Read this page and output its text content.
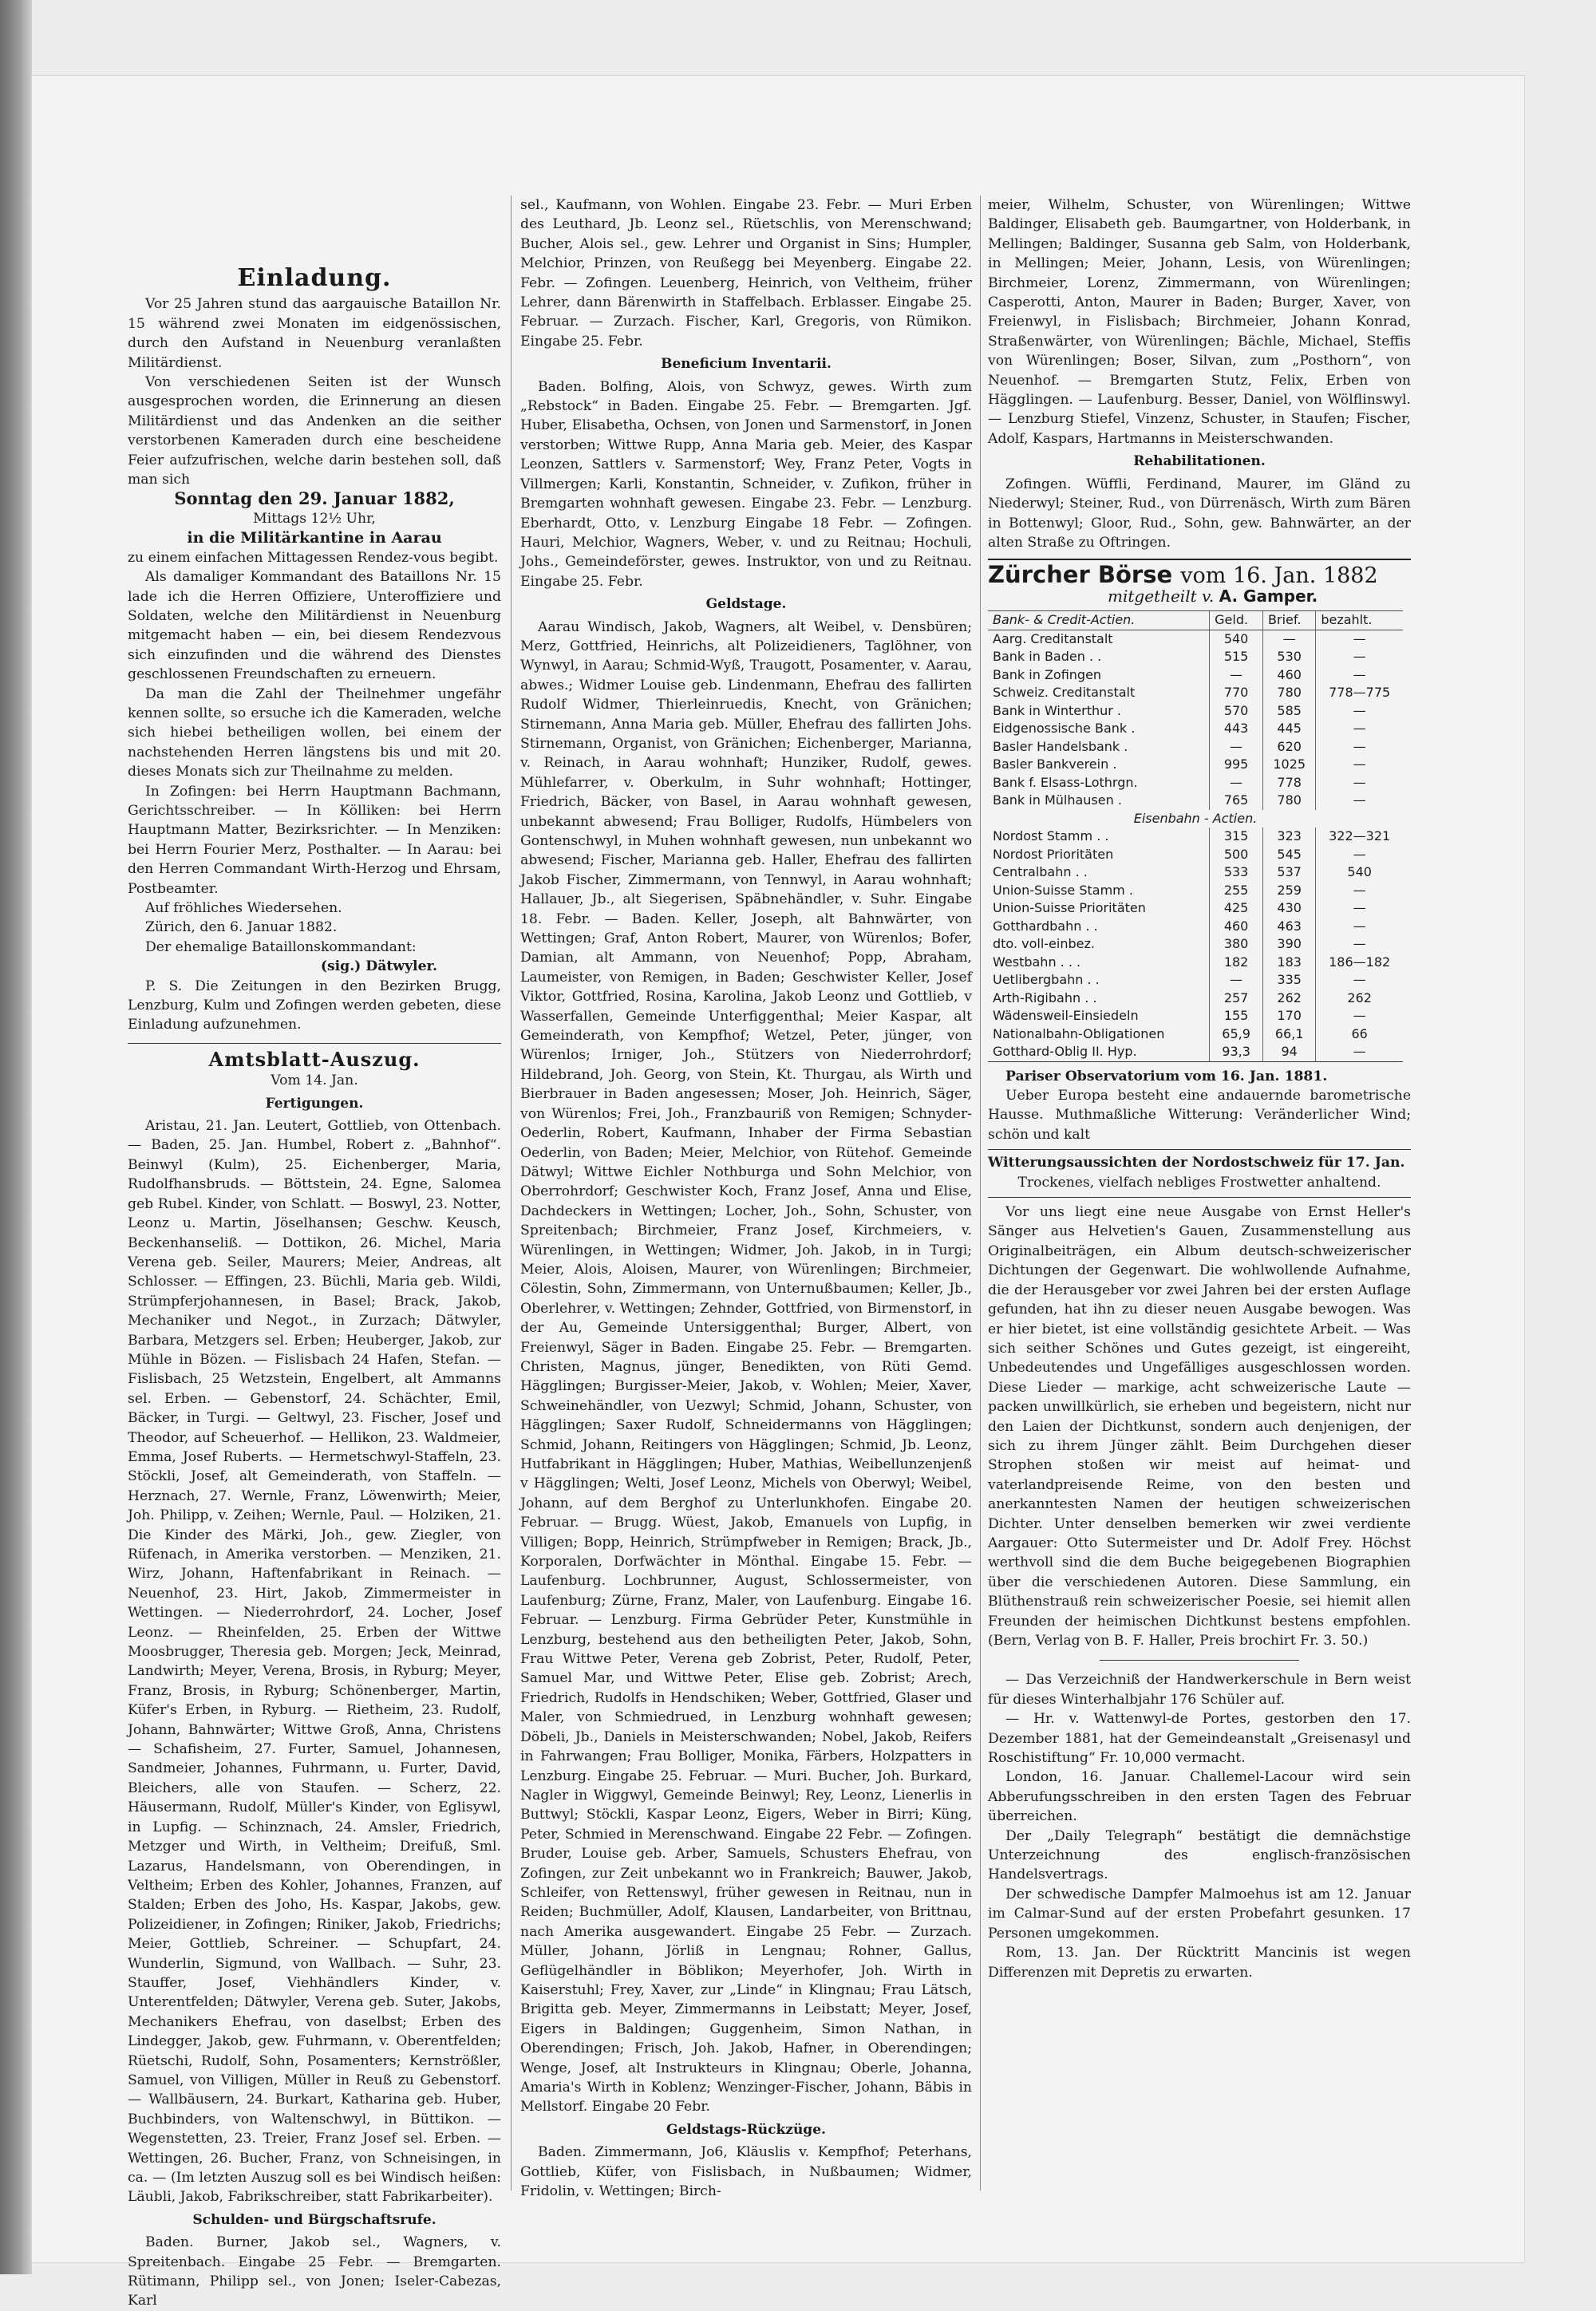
Einladung.

Vor 25 Jahren stund das aargauische Bataillon Nr. 15 während zwei Monaten im eidgenössischen, durch den Aufstand in Neuenburg veranlaßten Militärdienst.

Von verschiedenen Seiten ist der Wunsch ausgesprochen worden, die Erinnerung an diesen Militärdienst und das Andenken an die seither verstorbenen Kameraden durch eine bescheidene Feier aufzufrischen, welche darin bestehen soll, daß man sich

Sonntag den 29. Januar 1882,
Mittags 12½ Uhr,
in die Militärkantine in Aarau

zu einem einfachen Mittagessen Rendez-vous begibt.

Als damaliger Kommandant des Bataillons Nr. 15 lade ich die Herren Offiziere, Unteroffiziere und Soldaten, welche den Militärdienst in Neuenburg mitgemacht haben — ein, bei diesem Rendezvous sich einzufinden und die während des Dienstes geschlossenen Freundschaften zu erneuern.

Da man die Zahl der Theilnehmer ungefähr kennen sollte, so ersuche ich die Kameraden, welche sich hiebei betheiligen wollen, bei einem der nachstehenden Herren längstens bis und mit 20. dieses Monats sich zur Theilnahme zu melden.

In Zofingen: bei Herrn Hauptmann Bachmann, Gerichtsschreiber. — In Kölliken: bei Herrn Hauptmann Matter, Bezirksrichter. — In Menziken: bei Herrn Fourier Merz, Posthalter. — In Aarau: bei den Herren Commandant Wirth-Herzog und Ehrsam, Postbeamter.

Auf fröhliches Wiedersehen.

Zürich, den 6. Januar 1882.

Der ehemalige Bataillonskommandant:

(sig.) Dätwyler.

P. S. Die Zeitungen in den Bezirken Brugg, Lenzburg, Kulm und Zofingen werden gebeten, diese Einladung aufzunehmen.

Amtsblatt-Auszug.
Vom 14. Jan.
Fertigungen.

Aristau, 21. Jan. Leutert, Gottlieb, von Ottenbach. — Baden, 25. Jan. Humbel, Robert z. „Bahnhof“. Beinwyl (Kulm), 25. Eichenberger, Maria, Rudolfhansbruds. — Böttstein, 24. Egne, Salomea geb Rubel. Kinder, von Schlatt. — Boswyl, 23. Notter, Leonz u. Martin, Jöselhansen; Geschw. Keusch, Beckenhanseliß. — Dottikon, 26. Michel, Maria Verena geb. Seiler, Maurers; Meier, Andreas, alt Schlosser. — Effingen, 23. Büchli, Maria geb. Wildi, Strümpferjohannesen, in Basel; Brack, Jakob, Mechaniker und Negot., in Zurzach; Dätwyler, Barbara, Metzgers sel. Erben; Heuberger, Jakob, zur Mühle in Bözen. — Fislisbach 24 Hafen, Stefan. — Fislisbach, 25 Wetzstein, Engelbert, alt Ammanns sel. Erben. — Gebenstorf, 24. Schächter, Emil, Bäcker, in Turgi. — Geltwyl, 23. Fischer, Josef und Theodor, auf Scheuerhof. — Hellikon, 23. Waldmeier, Emma, Josef Ruberts. — Hermetschwyl-Staffeln, 23. Stöckli, Josef, alt Gemeinderath, von Staffeln. — Herznach, 27. Wernle, Franz, Löwenwirth; Meier, Joh. Philipp, v. Zeihen; Wernle, Paul. — Holziken, 21. Die Kinder des Märki, Joh., gew. Ziegler, von Rüfenach, in Amerika verstorben. — Menziken, 21. Wirz, Johann, Haftenfabrikant in Reinach. — Neuenhof, 23. Hirt, Jakob, Zimmermeister in Wettingen. — Niederrohrdorf, 24. Locher, Josef Leonz. — Rheinfelden, 25. Erben der Wittwe Moosbrugger, Theresia geb. Morgen; Jeck, Meinrad, Landwirth; Meyer, Verena, Brosis, in Ryburg; Meyer, Franz, Brosis, in Ryburg; Schönenberger, Martin, Küfer's Erben, in Ryburg. — Rietheim, 23. Rudolf, Johann, Bahnwärter; Wittwe Groß, Anna, Christens — Schafisheim, 27. Furter, Samuel, Johannesen, Sandmeier, Johannes, Fuhrmann, u. Furter, David, Bleichers, alle von Staufen. — Scherz, 22. Häusermann, Rudolf, Müller's Kinder, von Eglisywl, in Lupfig. — Schinznach, 24. Amsler, Friedrich, Metzger und Wirth, in Veltheim; Dreifuß, Sml. Lazarus, Handelsmann, von Oberendingen, in Veltheim; Erben des Kohler, Johannes, Franzen, auf Stalden; Erben des Joho, Hs. Kaspar, Jakobs, gew. Polizeidiener, in Zofingen; Riniker, Jakob, Friedrichs; Meier, Gottlieb, Schreiner. — Schupfart, 24. Wunderlin, Sigmund, von Wallbach. — Suhr, 23. Stauffer, Josef, Viehhändlers Kinder, v. Unterentfelden; Dätwyler, Verena geb. Suter, Jakobs, Mechanikers Ehefrau, von daselbst; Erben des Lindegger, Jakob, gew. Fuhrmann, v. Oberentfelden; Rüetschi, Rudolf, Sohn, Posamenters; Kernströßler, Samuel, von Villigen, Müller in Reuß zu Gebenstorf. — Wallbäusern, 24. Burkart, Katharina geb. Huber, Buchbinders, von Waltenschwyl, in Büttikon. — Wegenstetten, 23. Treier, Franz Josef sel. Erben. — Wettingen, 26. Bucher, Franz, von Schneisingen, in ca. — (Im letzten Auszug soll es bei Windisch heißen: Läubli, Jakob, Fabrikschreiber, statt Fabrikarbeiter).

Schulden- und Bürgschaftsrufe.

Baden. Burner, Jakob sel., Wagners, v. Spreitenbach. Eingabe 25 Febr. — Bremgarten. Rütimann, Philipp sel., von Jonen; Iseler-Cabezas, Karl

sel., Kaufmann, von Wohlen. Eingabe 23. Febr. — Muri Erben des Leuthard, Jb. Leonz sel., Rüetschlis, von Merenschwand; Bucher, Alois sel., gew. Lehrer und Organist in Sins; Humpler, Melchior, Prinzen, von Reußegg bei Meyenberg. Eingabe 22. Febr. — Zofingen. Leuenberg, Heinrich, von Veltheim, früher Lehrer, dann Bärenwirth in Staffelbach. Erblasser. Eingabe 25. Februar. — Zurzach. Fischer, Karl, Gregoris, von Rümikon. Eingabe 25. Febr.

Beneficium Inventarii.

Baden. Bolfing, Alois, von Schwyz, gewes. Wirth zum „Rebstock“ in Baden. Eingabe 25. Febr. — Bremgarten. Jgf. Huber, Elisabetha, Ochsen, von Jonen und Sarmenstorf, in Jonen verstorben; Wittwe Rupp, Anna Maria geb. Meier, des Kaspar Leonzen, Sattlers v. Sarmenstorf; Wey, Franz Peter, Vogts in Villmergen; Karli, Konstantin, Schneider, v. Zufikon, früher in Bremgarten wohnhaft gewesen. Eingabe 23. Febr. — Lenzburg. Eberhardt, Otto, v. Lenzburg Eingabe 18 Febr. — Zofingen. Hauri, Melchior, Wagners, Weber, v. und zu Reitnau; Hochuli, Johs., Gemeindeförster, gewes. Instruktor, von und zu Reitnau. Eingabe 25. Febr.

Geldstage.

Aarau Windisch, Jakob, Wagners, alt Weibel, v. Densbüren; Merz, Gottfried, Heinrichs, alt Polizeidieners, Taglöhner, von Wynwyl, in Aarau; Schmid-Wyß, Traugott, Posamenter, v. Aarau, abwes.; Widmer Louise geb. Lindenmann, Ehefrau des fallirten Rudolf Widmer, Thierleinruedis, Knecht, von Gränichen; Stirnemann, Anna Maria geb. Müller, Ehefrau des fallirten Johs. Stirnemann, Organist, von Gränichen; Eichenberger, Marianna, v. Reinach, in Aarau wohnhaft; Hunziker, Rudolf, gewes. Mühlefarrer, v. Oberkulm, in Suhr wohnhaft; Hottinger, Friedrich, Bäcker, von Basel, in Aarau wohnhaft gewesen, unbekannt abwesend; Frau Bolliger, Rudolfs, Hümbelers von Gontenschwyl, in Muhen wohnhaft gewesen, nun unbekannt wo abwesend; Fischer, Marianna geb. Haller, Ehefrau des fallirten Jakob Fischer, Zimmermann, von Tennwyl, in Aarau wohnhaft; Hallauer, Jb., alt Siegerisen, Späbnehändler, v. Suhr. Eingabe 18. Febr. — Baden. Keller, Joseph, alt Bahnwärter, von Wettingen; Graf, Anton Robert, Maurer, von Würenlos; Bofer, Damian, alt Ammann, von Neuenhof; Popp, Abraham, Laumeister, von Remigen, in Baden; Geschwister Keller, Josef Viktor, Gottfried, Rosina, Karolina, Jakob Leonz und Gottlieb, v Wasserfallen, Gemeinde Unterfiggenthal; Meier Kaspar, alt Gemeinderath, von Kempfhof; Wetzel, Peter, jünger, von Würenlos; Irniger, Joh., Stützers von Niederrohrdorf; Hildebrand, Joh. Georg, von Stein, Kt. Thurgau, als Wirth und Bierbrauer in Baden angesessen; Moser, Joh. Heinrich, Säger, von Würenlos; Frei, Joh., Franzbauriß von Remigen; Schnyder-Oederlin, Robert, Kaufmann, Inhaber der Firma Sebastian Oederlin, von Baden; Meier, Melchior, von Rütehof. Gemeinde Dätwyl; Wittwe Eichler Nothburga und Sohn Melchior, von Oberrohrdorf; Geschwister Koch, Franz Josef, Anna und Elise, Dachdeckers in Wettingen; Locher, Joh., Sohn, Schuster, von Spreitenbach; Birchmeier, Franz Josef, Kirchmeiers, v. Würenlingen, in Wettingen; Widmer, Joh. Jakob, in in Turgi; Meier, Alois, Aloisen, Maurer, von Würenlingen; Birchmeier, Cölestin, Sohn, Zimmermann, von Unternußbaumen; Keller, Jb., Oberlehrer, v. Wettingen; Zehnder, Gottfried, von Birmenstorf, in der Au, Gemeinde Untersiggenthal; Burger, Albert, von Freienwyl, Säger in Baden. Eingabe 25. Febr. — Bremgarten. Christen, Magnus, jünger, Benedikten, von Rüti Gemd. Hägglingen; Burgisser-Meier, Jakob, v. Wohlen; Meier, Xaver, Schweinehändler, von Uezwyl; Schmid, Johann, Schuster, von Hägglingen; Saxer Rudolf, Schneidermanns von Hägglingen; Schmid, Johann, Reitingers von Hägglingen; Schmid, Jb. Leonz, Hutfabrikant in Hägglingen; Huber, Mathias, Weibellunzenjenß v Hägglingen; Welti, Josef Leonz, Michels von Oberwyl; Weibel, Johann, auf dem Berghof zu Unterlunkhofen. Eingabe 20. Februar. — Brugg. Wüest, Jakob, Emanuels von Lupfig, in Villigen; Bopp, Heinrich, Strümpfweber in Remigen; Brack, Jb., Korporalen, Dorfwächter in Mönthal. Eingabe 15. Febr. — Laufenburg. Lochbrunner, August, Schlossermeister, von Laufenburg; Zürne, Franz, Maler, von Laufenburg. Eingabe 16. Februar. — Lenzburg. Firma Gebrüder Peter, Kunstmühle in Lenzburg, bestehend aus den betheiligten Peter, Jakob, Sohn, Frau Wittwe Peter, Verena geb Zobrist, Peter, Rudolf, Peter, Samuel Mar, und Wittwe Peter, Elise geb. Zobrist; Arech, Friedrich, Rudolfs in Hendschiken; Weber, Gottfried, Glaser und Maler, von Schmiedrued, in Lenzburg wohnhaft gewesen; Döbeli, Jb., Daniels in Meisterschwanden; Nobel, Jakob, Reifers in Fahrwangen; Frau Bolliger, Monika, Färbers, Holzpatters in Lenzburg. Eingabe 25. Februar. — Muri. Bucher, Joh. Burkard, Nagler in Wiggwyl, Gemeinde Beinwyl; Rey, Leonz, Lienerlis in Buttwyl; Stöckli, Kaspar Leonz, Eigers, Weber in Birri; Küng, Peter, Schmied in Merenschwand. Eingabe 22 Febr. — Zofingen. Bruder, Louise geb. Arber, Samuels, Schusters Ehefrau, von Zofingen, zur Zeit unbekannt wo in Frankreich; Bauwer, Jakob, Schleifer, von Rettenswyl, früher gewesen in Reitnau, nun in Reiden; Buchmüller, Adolf, Klausen, Landarbeiter, von Brittnau, nach Amerika ausgewandert. Eingabe 25 Febr. — Zurzach. Müller, Johann, Jörliß in Lengnau; Rohner, Gallus, Geflügelhändler in Böblikon; Meyerhofer, Joh. Wirth in Kaiserstuhl; Frey, Xaver, zur „Linde“ in Klingnau; Frau Lätsch, Brigitta geb. Meyer, Zimmermanns in Leibstatt; Meyer, Josef, Eigers in Baldingen; Guggenheim, Simon Nathan, in Oberendingen; Frisch, Joh. Jakob, Hafner, in Oberendingen; Wenge, Josef, alt Instrukteurs in Klingnau; Oberle, Johanna, Amaria's Wirth in Koblenz; Wenzinger-Fischer, Johann, Bäbis in Mellstorf. Eingabe 20 Febr.

Geldstags-Rückzüge.

Baden. Zimmermann, Jo6, Kläuslis v. Kempfhof; Peterhans, Gottlieb, Küfer, von Fislisbach, in Nußbaumen; Widmer, Fridolin, v. Wettingen; Birch-

meier, Wilhelm, Schuster, von Würenlingen; Wittwe Baldinger, Elisabeth geb. Baumgartner, von Holderbank, in Mellingen; Baldinger, Susanna geb Salm, von Holderbank, in Mellingen; Meier, Johann, Lesis, von Würenlingen; Birchmeier, Lorenz, Zimmermann, von Würenlingen; Casperotti, Anton, Maurer in Baden; Burger, Xaver, von Freienwyl, in Fislisbach; Birchmeier, Johann Konrad, Straßenwärter, von Würenlingen; Bächle, Michael, Steffis von Würenlingen; Boser, Silvan, zum „Posthorn“, von Neuenhof. — Bremgarten Stutz, Felix, Erben von Hägglingen. — Laufenburg. Besser, Daniel, von Wölflinswyl. — Lenzburg Stiefel, Vinzenz, Schuster, in Staufen; Fischer, Adolf, Kaspars, Hartmanns in Meisterschwanden.

Rehabilitationen.

Zofingen. Wüffli, Ferdinand, Maurer, im Gländ zu Niederwyl; Steiner, Rud., von Dürrenäsch, Wirth zum Bären in Bottenwyl; Gloor, Rud., Sohn, gew. Bahnwärter, an der alten Straße zu Oftringen.

Zürcher Börse vom 16. Jan. 1882
mitgetheilt v. A. Gamper.
Bank- & Credit-Actien.	Geld.	Brief.	bezahlt.
Aarg. Creditanstalt	540	—	—
Bank in Baden . .	515	530	—
Bank in Zofingen	—	460	—
Schweiz. Creditanstalt	770	780	778—775
Bank in Winterthur .	570	585	—
Eidgenossische Bank .	443	445	—
Basler Handelsbank .	—	620	—
Basler Bankverein .	995	1025	—
Bank f. Elsass-Lothrgn.	—	778	—
Bank in Mülhausen .	765	780	—
Eisenbahn - Actien.			
Nordost Stamm . .	315	323	322—321
Nordost Prioritäten	500	545	—
Centralbahn . .	533	537	540
Union-Suisse Stamm .	255	259	—
Union-Suisse Prioritäten	425	430	—
Gotthardbahn . .	460	463	—
dto. voll-einbez.	380	390	—
Westbahn . . .	182	183	186—182
Uetlibergbahn . .	—	335	—
Arth-Rigibahn . .	257	262	262
Wädensweil-Einsiedeln	155	170	—
Nationalbahn-Obligationen	65,9	66,1	66
Gotthard-Oblig II. Hyp.	93,3	94	—
Pariser Observatorium vom 16. Jan. 1881.

Ueber Europa besteht eine andauernde barometrische Hausse. Muthmaßliche Witterung: Veränderlicher Wind; schön und kalt

Witterungsaussichten der Nordostschweiz für 17. Jan.
Trockenes, vielfach nebliges Frostwetter anhaltend.

Vor uns liegt eine neue Ausgabe von Ernst Heller's Sänger aus Helvetien's Gauen, Zusammenstellung aus Originalbeiträgen, ein Album deutsch-schweizerischer Dichtungen der Gegenwart. Die wohlwollende Aufnahme, die der Herausgeber vor zwei Jahren bei der ersten Auflage gefunden, hat ihn zu dieser neuen Ausgabe bewogen. Was er hier bietet, ist eine vollständig gesichtete Arbeit. — Was sich seither Schönes und Gutes gezeigt, ist eingereiht, Unbedeutendes und Ungefälliges ausgeschlossen worden. Diese Lieder — markige, acht schweizerische Laute — packen unwillkürlich, sie erheben und begeistern, nicht nur den Laien der Dichtkunst, sondern auch denjenigen, der sich zu ihrem Jünger zählt. Beim Durchgehen dieser Strophen stoßen wir meist auf heimat- und vaterlandpreisende Reime, von den besten und anerkanntesten Namen der heutigen schweizerischen Dichter. Unter denselben bemerken wir zwei verdiente Aargauer: Otto Sutermeister und Dr. Adolf Frey. Höchst werthvoll sind die dem Buche beigegebenen Biographien über die verschiedenen Autoren. Diese Sammlung, ein Blüthenstrauß rein schweizerischer Poesie, sei hiemit allen Freunden der heimischen Dichtkunst bestens empfohlen. (Bern, Verlag von B. F. Haller, Preis brochirt Fr. 3. 50.)

— Das Verzeichniß der Handwerkerschule in Bern weist für dieses Winterhalbjahr 176 Schüler auf.

— Hr. v. Wattenwyl-de Portes, gestorben den 17. Dezember 1881, hat der Gemeindeanstalt „Greisenasyl und Roschistiftung“ Fr. 10,000 vermacht.

London, 16. Januar. Challemel-Lacour wird sein Abberufungsschreiben in den ersten Tagen des Februar überreichen.

Der „Daily Telegraph“ bestätigt die demnächstige Unterzeichnung des englisch-französischen Handelsvertrags.

Der schwedische Dampfer Malmoehus ist am 12. Januar im Calmar-Sund auf der ersten Probefahrt gesunken. 17 Personen umgekommen.

Rom, 13. Jan. Der Rücktritt Mancinis ist wegen Differenzen mit Depretis zu erwarten.
